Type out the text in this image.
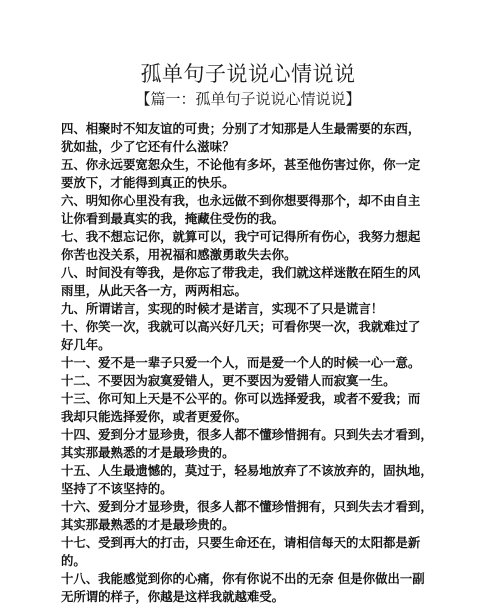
孤单句子说说心情说说
【篇一：孤单句子说说心情说说】

四、相聚时不知友谊的可贵；分别了才知那是人生最需要的东西，
犹如盐，少了它还有什么滋味？

五、你永远要宽恕众生，不论他有多坏，甚至他伤害过你，你一定
要放下，才能得到真正的快乐。

六、明知你心里没有我，也永远做不到你想要得那个，却不由自主
让你看到最真实的我，掩藏住受伤的我。

七、我不想忘记你，就算可以，我宁可记得所有伤心，我努力想起
你苦也没关系，用祝福和感激勇敢失去你。

八、时间没有等我，是你忘了带我走，我们就这样迷散在陌生的风
雨里，从此天各一方，两两相忘。

九、所谓诺言，实现的时候才是诺言，实现不了只是谎言！

十、你笑一次，我就可以高兴好几天；可看你哭一次，我就难过了
好几年。

十一、爱不是一辈子只爱一个人，而是爱一个人的时候一心一意。

十二、不要因为寂寞爱错人，更不要因为爱错人而寂寞一生。

十三、你可知上天是不公平的。你可以选择爱我，或者不爱我；而
我却只能选择爱你，或者更爱你。

十四、爱到分才显珍贵，很多人都不懂珍惜拥有。只到失去才看到，
其实那最熟悉的才是最珍贵的。

十五、人生最遗憾的，莫过于，轻易地放弃了不该放弃的，固执地，
坚持了不该坚持的。

十六、爱到分才显珍贵，很多人都不懂珍惜拥有，只到失去才看到，
其实那最熟悉的才是最珍贵的。

十七、受到再大的打击，只要生命还在，请相信每天的太阳都是新
的。

十八、我能感觉到你的心痛，你有你说不出的无奈 但是你做出一副
无所谓的样子，你越是这样我就越难受。
